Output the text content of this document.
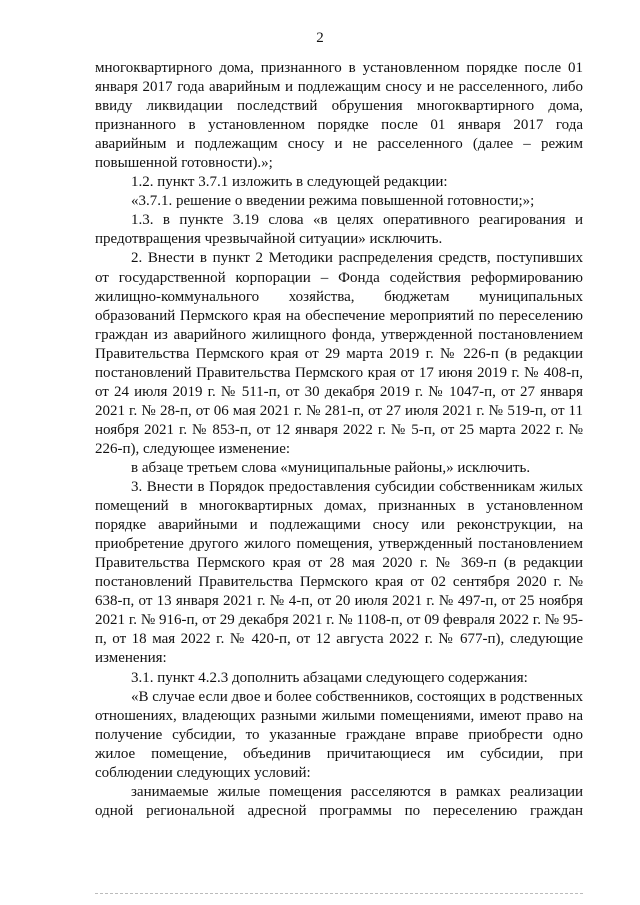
2

многоквартирного дома, признанного в установленном порядке после 01 января 2017 года аварийным и подлежащим сносу и не расселенного, либо ввиду ликвидации последствий обрушения многоквартирного дома, признанного в установленном порядке после 01 января 2017 года аварийным и подлежащим сносу и не расселенного (далее – режим повышенной готовности).»;

1.2. пункт 3.7.1 изложить в следующей редакции:

«3.7.1. решение о введении режима повышенной готовности;»;

1.3. в пункте 3.19 слова «в целях оперативного реагирования и предотвращения чрезвычайной ситуации» исключить.

2. Внести в пункт 2 Методики распределения средств, поступивших от государственной корпорации – Фонда содействия реформированию жилищно-коммунального хозяйства, бюджетам муниципальных образований Пермского края на обеспечение мероприятий по переселению граждан из аварийного жилищного фонда, утвержденной постановлением Правительства Пермского края от 29 марта 2019 г. № 226-п (в редакции постановлений Правительства Пермского края от 17 июня 2019 г. № 408-п, от 24 июля 2019 г. № 511-п, от 30 декабря 2019 г. № 1047-п, от 27 января 2021 г. № 28-п, от 06 мая 2021 г. № 281-п, от 27 июля 2021 г. № 519-п, от 11 ноября 2021 г. № 853-п, от 12 января 2022 г. № 5-п, от 25 марта 2022 г. № 226-п), следующее изменение:

в абзаце третьем слова «муниципальные районы,» исключить.

3. Внести в Порядок предоставления субсидии собственникам жилых помещений в многоквартирных домах, признанных в установленном порядке аварийными и подлежащими сносу или реконструкции, на приобретение другого жилого помещения, утвержденный постановлением Правительства Пермского края от 28 мая 2020 г. № 369-п (в редакции постановлений Правительства Пермского края от 02 сентября 2020 г. № 638-п, от 13 января 2021 г. № 4-п, от 20 июля 2021 г. № 497-п, от 25 ноября 2021 г. № 916-п, от 29 декабря 2021 г. № 1108-п, от 09 февраля 2022 г. № 95-п, от 18 мая 2022 г. № 420-п, от 12 августа 2022 г. № 677-п), следующие изменения:

3.1. пункт 4.2.3 дополнить абзацами следующего содержания:

«В случае если двое и более собственников, состоящих в родственных отношениях, владеющих разными жилыми помещениями, имеют право на получение субсидии, то указанные граждане вправе приобрести одно жилое помещение, объединив причитающиеся им субсидии, при соблюдении следующих условий:

занимаемые жилые помещения расселяются в рамках реализации одной региональной адресной программы по переселению граждан
